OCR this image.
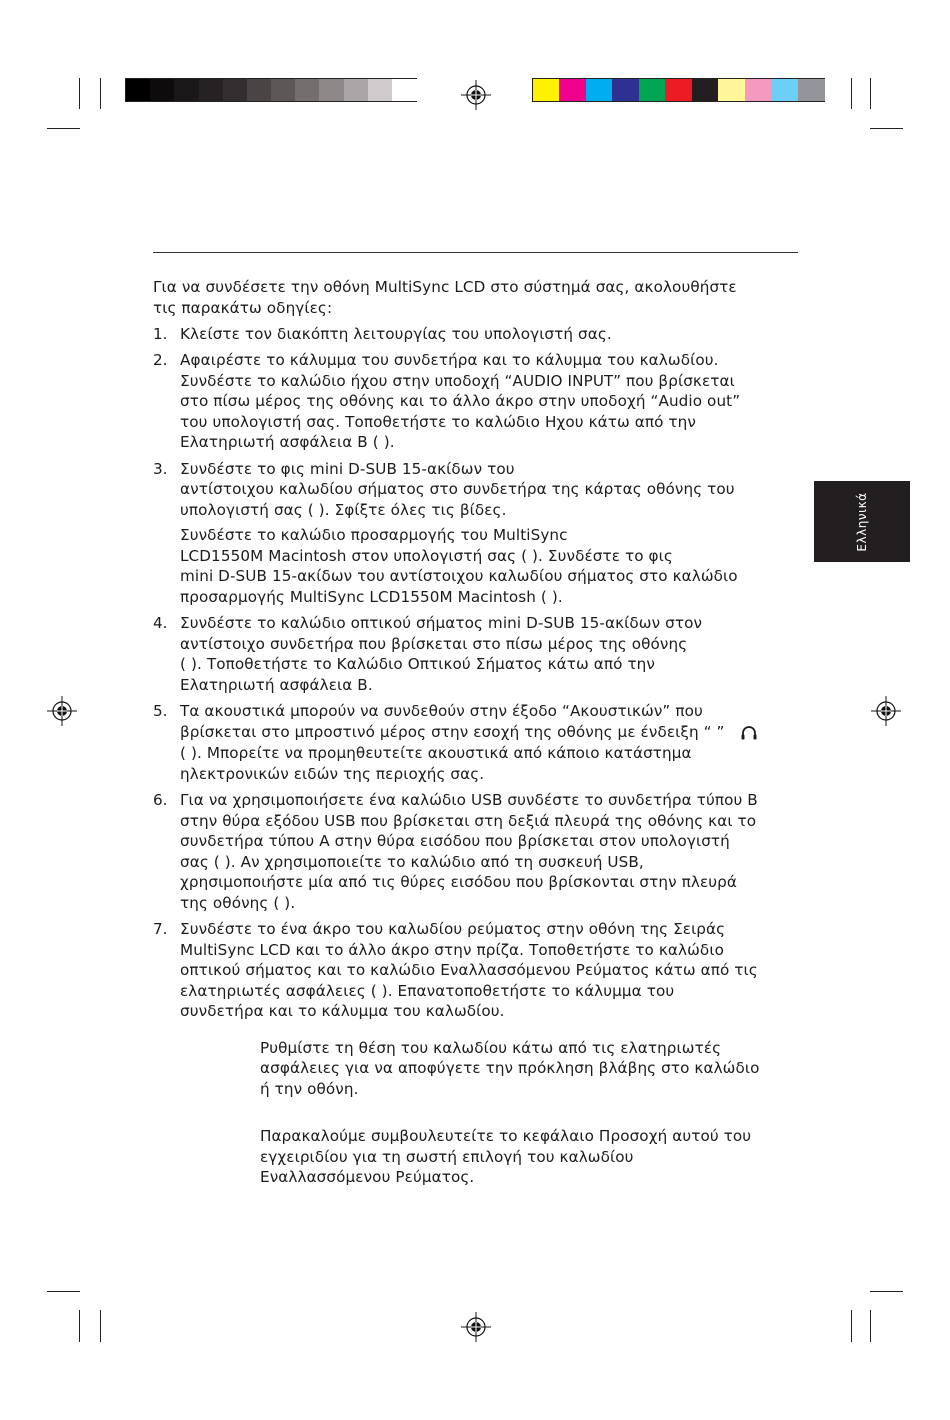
Ελληνικά
Για να συνδέσετε την οθόνη MultiSync LCD στο σύστημά σας, ακολουθήστε
τις παρακάτω οδηγίες:
1. Κλείστε τον διακόπτη λειτουργίας του υπολογιστή σας.
2. Αφαιρέστε το κάλυμμα του συνδετήρα και το κάλυμμα του καλωδίου.
Συνδέστε το καλώδιο ήχου στην υποδοχή “AUDIO INPUT” που βρίσκεται
στο πίσω μέρος της οθόνης και το άλλο άκρο στην υποδοχή “Audio out”
του υπολογιστή σας. Τοποθετήστε το καλώδιο Ηχου κάτω από την
Ελατηριωτή ασφάλεια Β ( ).
3. Συνδέστε το φις mini D-SUB 15-ακίδων του
αντίστοιχου καλωδίου σήματος στο συνδετήρα της κάρτας οθόνης του
υπολογιστή σας ( ). Σφίξτε όλες τις βίδες.
Συνδέστε το καλώδιο προσαρμογής του MultiSync
LCD1550M Macintosh στον υπολογιστή σας ( ). Συνδέστε το φις
mini D-SUB 15-ακίδων του αντίστοιχου καλωδίου σήματος στο καλώδιο
προσαρμογής MultiSync LCD1550M Macintosh ( ).
4. Συνδέστε το καλώδιο οπτικού σήματος mini D-SUB 15-ακίδων στον
αντίστοιχο συνδετήρα που βρίσκεται στο πίσω μέρος της οθόνης
( ). Τοποθετήστε το Καλώδιο Οπτικού Σήματος κάτω από την
Ελατηριωτή ασφάλεια Β.
5. Τα ακουστικά μπορούν να συνδεθούν στην έξοδο “Ακουστικών” που
βρίσκεται στο μπροστινό μέρος στην εσοχή της οθόνης με ένδειξη “ ”
( ). Μπορείτε να προμηθευτείτε ακουστικά από κάποιο κατάστημα
ηλεκτρονικών ειδών της περιοχής σας.
6. Για να χρησιμοποιήσετε ένα καλώδιο USB συνδέστε το συνδετήρα τύπου B
στην θύρα εξόδου USB που βρίσκεται στη δεξιά πλευρά της οθόνης και το
συνδετήρα τύπου A στην θύρα εισόδου που βρίσκεται στον υπολογιστή
σας ( ). Αν χρησιμοποιείτε το καλώδιο από τη συσκευή USB,
χρησιμοποιήστε μία από τις θύρες εισόδου που βρίσκονται στην πλευρά
της οθόνης ( ).
7. Συνδέστε το ένα άκρο του καλωδίου ρεύματος στην οθόνη της Σειράς
MultiSync LCD και το άλλο άκρο στην πρίζα. Τοποθετήστε το καλώδιο
οπτικού σήματος και το καλώδιο Εναλλασσόμενου Ρεύματος κάτω από τις
ελατηριωτές ασφάλειες ( ). Επανατοποθετήστε το κάλυμμα του
συνδετήρα και το κάλυμμα του καλωδίου.
Ρυθμίστε τη θέση του καλωδίου κάτω από τις ελατηριωτές
ασφάλειες για να αποφύγετε την πρόκληση βλάβης στο καλώδιο
ή την οθόνη.
Παρακαλούμε συμβουλευτείτε το κεφάλαιο Προσοχή αυτού του
εγχειριδίου για τη σωστή επιλογή του καλωδίου
Εναλλασσόμενου Ρεύματος.
